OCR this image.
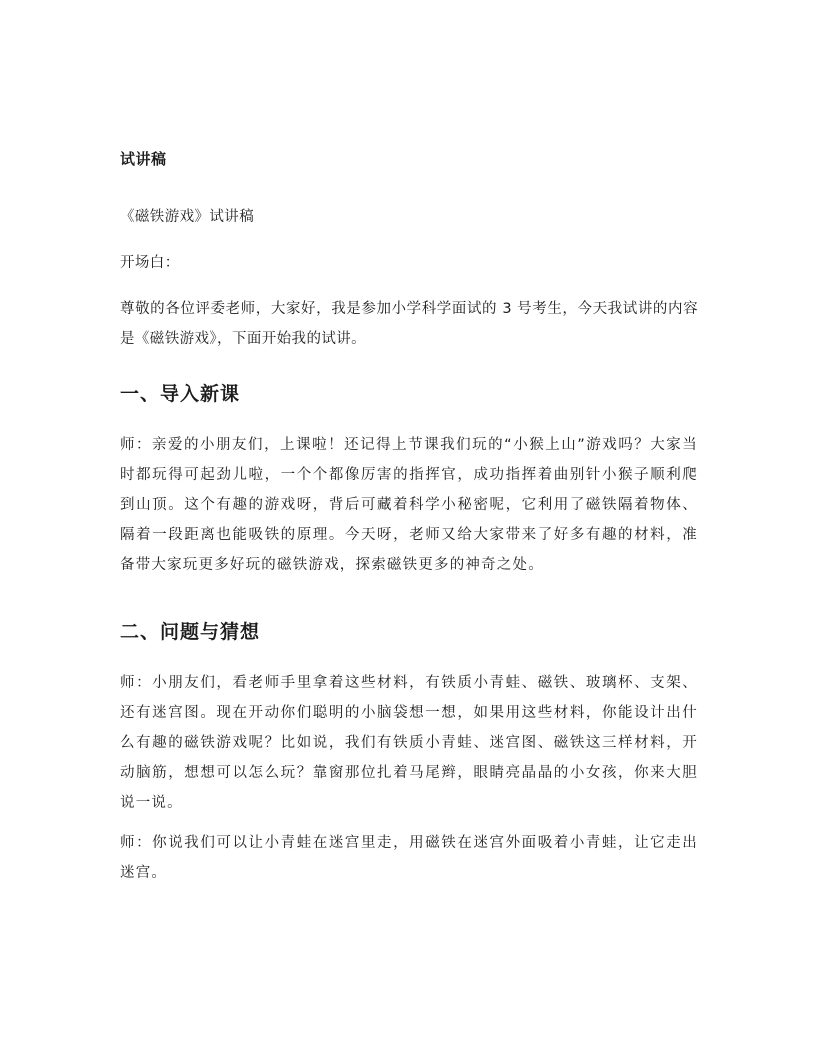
试讲稿
《磁铁游戏》试讲稿
开场白：
尊敬的各位评委老师，大家好，我是参加小学科学面试的 3 号考生，今天我试讲的内容是《磁铁游戏》，下面开始我的试讲。
一、导入新课
师：亲爱的小朋友们，上课啦！还记得上节课我们玩的“小猴上山”游戏吗？大家当时都玩得可起劲儿啦，一个个都像厉害的指挥官，成功指挥着曲别针小猴子顺利爬到山顶。这个有趣的游戏呀，背后可藏着科学小秘密呢，它利用了磁铁隔着物体、隔着一段距离也能吸铁的原理。今天呀，老师又给大家带来了好多有趣的材料，准备带大家玩更多好玩的磁铁游戏，探索磁铁更多的神奇之处。
二、问题与猜想
师：小朋友们，看老师手里拿着这些材料，有铁质小青蛙、磁铁、玻璃杯、支架、还有迷宫图。现在开动你们聪明的小脑袋想一想，如果用这些材料，你能设计出什么有趣的磁铁游戏呢？比如说，我们有铁质小青蛙、迷宫图、磁铁这三样材料，开动脑筋，想想可以怎么玩？靠窗那位扎着马尾辫，眼睛亮晶晶的小女孩，你来大胆说一说。
师：你说我们可以让小青蛙在迷宫里走，用磁铁在迷宫外面吸着小青蛙，让它走出迷宫。
